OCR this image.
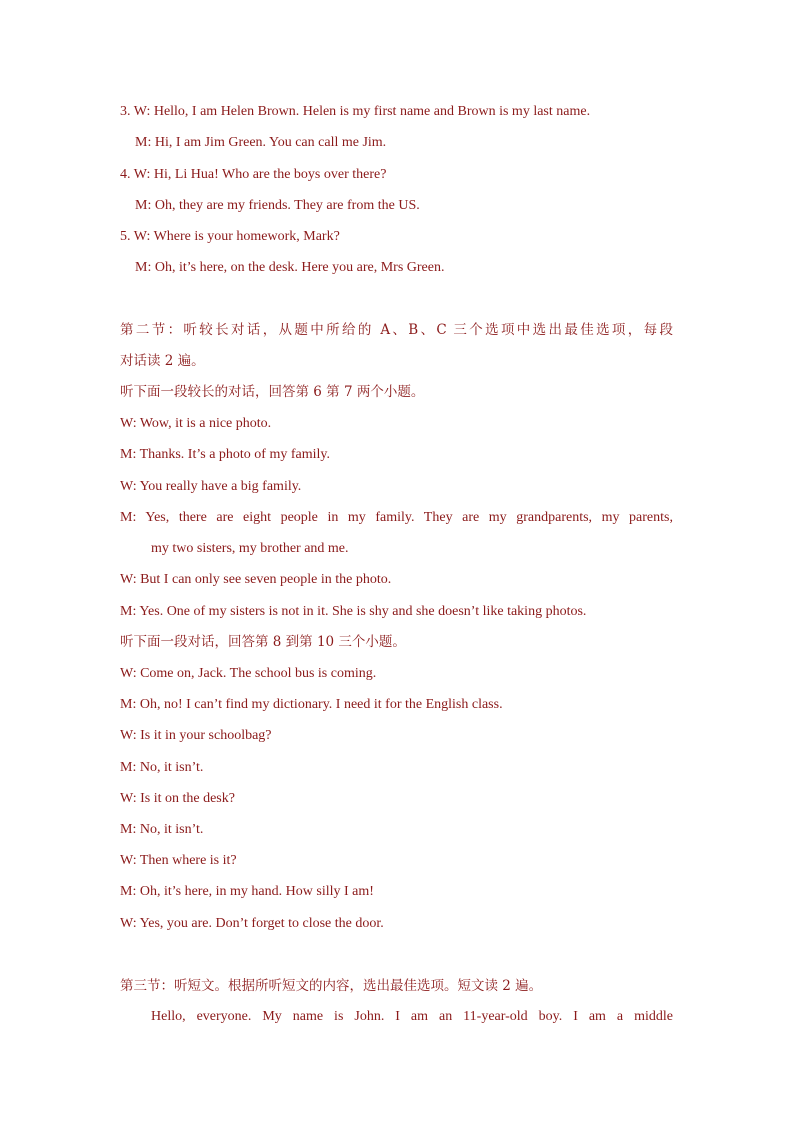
3. W: Hello, I am Helen Brown. Helen is my first name and Brown is my last name.
M: Hi, I am Jim Green. You can call me Jim.
4. W: Hi, Li Hua! Who are the boys over there?
M: Oh, they are my friends. They are from the US.
5. W: Where is your homework, Mark?
M: Oh, it’s here, on the desk. Here you are, Mrs Green.
第二节：听较长对话，从题中所给的 A、B、C 三个选项中选出最佳选项，每段
对话读 2 遍。
听下面一段较长的对话，回答第 6 第 7 两个小题。
W: Wow, it is a nice photo.
M: Thanks. It’s a photo of my family.
W: You really have a big family.
M: Yes, there are eight people in my family. They are my grandparents, my parents,
my two sisters, my brother and me.
W: But I can only see seven people in the photo.
M: Yes. One of my sisters is not in it. She is shy and she doesn’t like taking photos.
听下面一段对话，回答第 8 到第 10 三个小题。
W: Come on, Jack. The school bus is coming.
M: Oh, no! I can’t find my dictionary. I need it for the English class.
W: Is it in your schoolbag?
M: No, it isn’t.
W: Is it on the desk?
M: No, it isn’t.
W: Then where is it?
M: Oh, it’s here, in my hand. How silly I am!
W: Yes, you are. Don’t forget to close the door.
第三节：听短文。根据所听短文的内容，选出最佳选项。短文读 2 遍。
Hello, everyone. My name is John. I am an 11-year-old boy. I am a middle
